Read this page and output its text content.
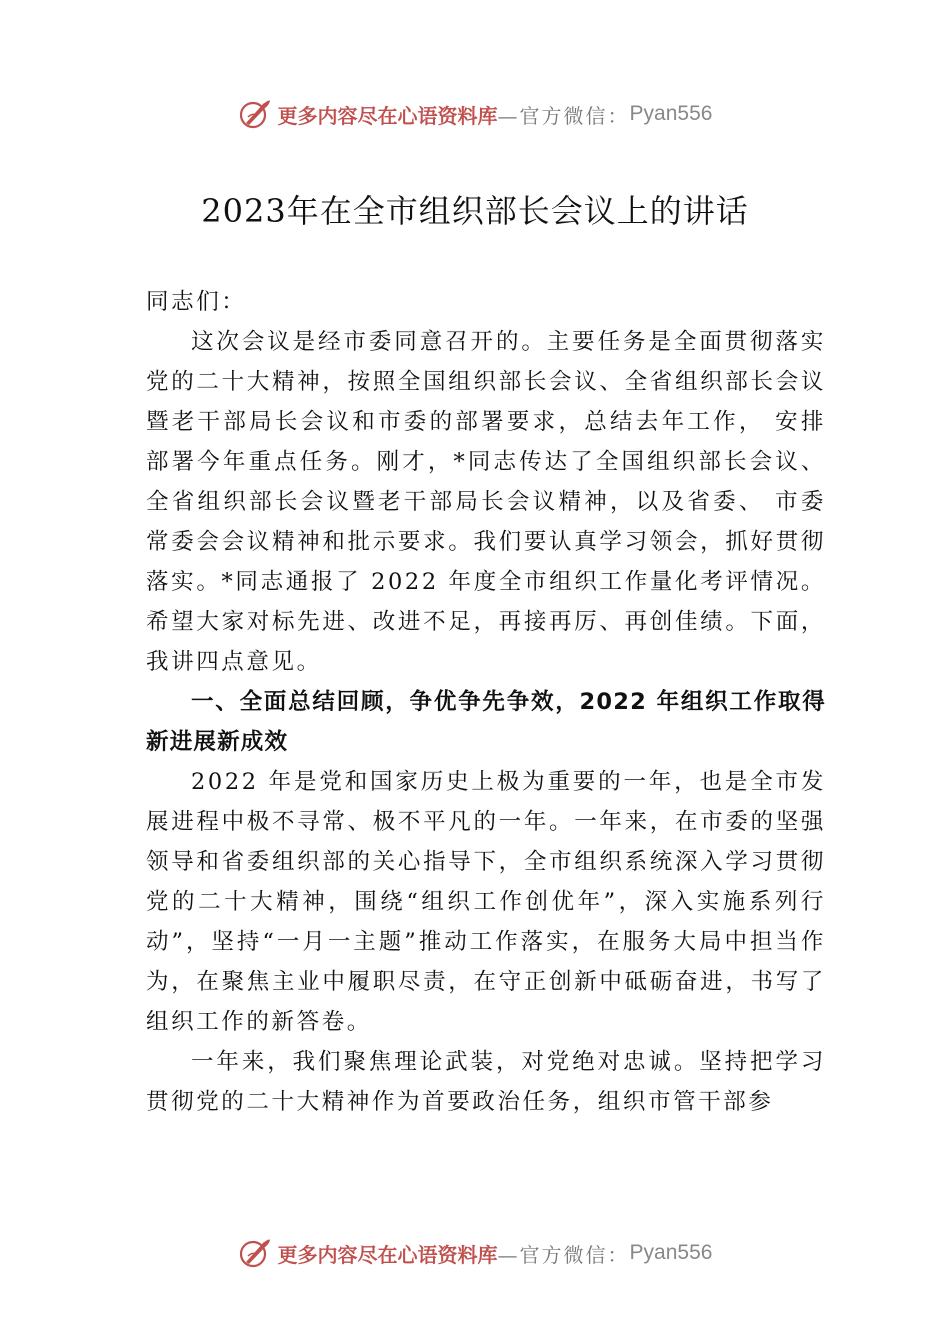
更多内容尽在心语资料库 —官方微信： Pyan556
2023年在全市组织部长会议上的讲话

同志们：

这次会议是经市委同意召开的。主要任务是全面贯彻落实党的二十大精神，按照全国组织部长会议、全省组织部长会议暨老干部局长会议和市委的部署要求，总结去年工作， 安排部署今年重点任务。刚才，*同志传达了全国组织部长会议、全省组织部长会议暨老干部局长会议精神，以及省委、 市委常委会会议精神和批示要求。我们要认真学习领会，抓好贯彻落实。*同志通报了 2022 年度全市组织工作量化考评情况。希望大家对标先进、改进不足，再接再厉、再创佳绩。下面，我讲四点意见。

一、全面总结回顾，争优争先争效，2022 年组织工作取得新进展新成效

2022 年是党和国家历史上极为重要的一年，也是全市发展进程中极不寻常、极不平凡的一年。一年来，在市委的坚强领导和省委组织部的关心指导下，全市组织系统深入学习贯彻党的二十大精神，围绕“组织工作创优年”，深入实施系列行动”，坚持“一月一主题”推动工作落实，在服务大局中担当作为，在聚焦主业中履职尽责，在守正创新中砥砺奋进，书写了组织工作的新答卷。

一年来，我们聚焦理论武装，对党绝对忠诚。坚持把学习贯彻党的二十大精神作为首要政治任务，组织市管干部参

更多内容尽在心语资料库 —官方微信： Pyan556
